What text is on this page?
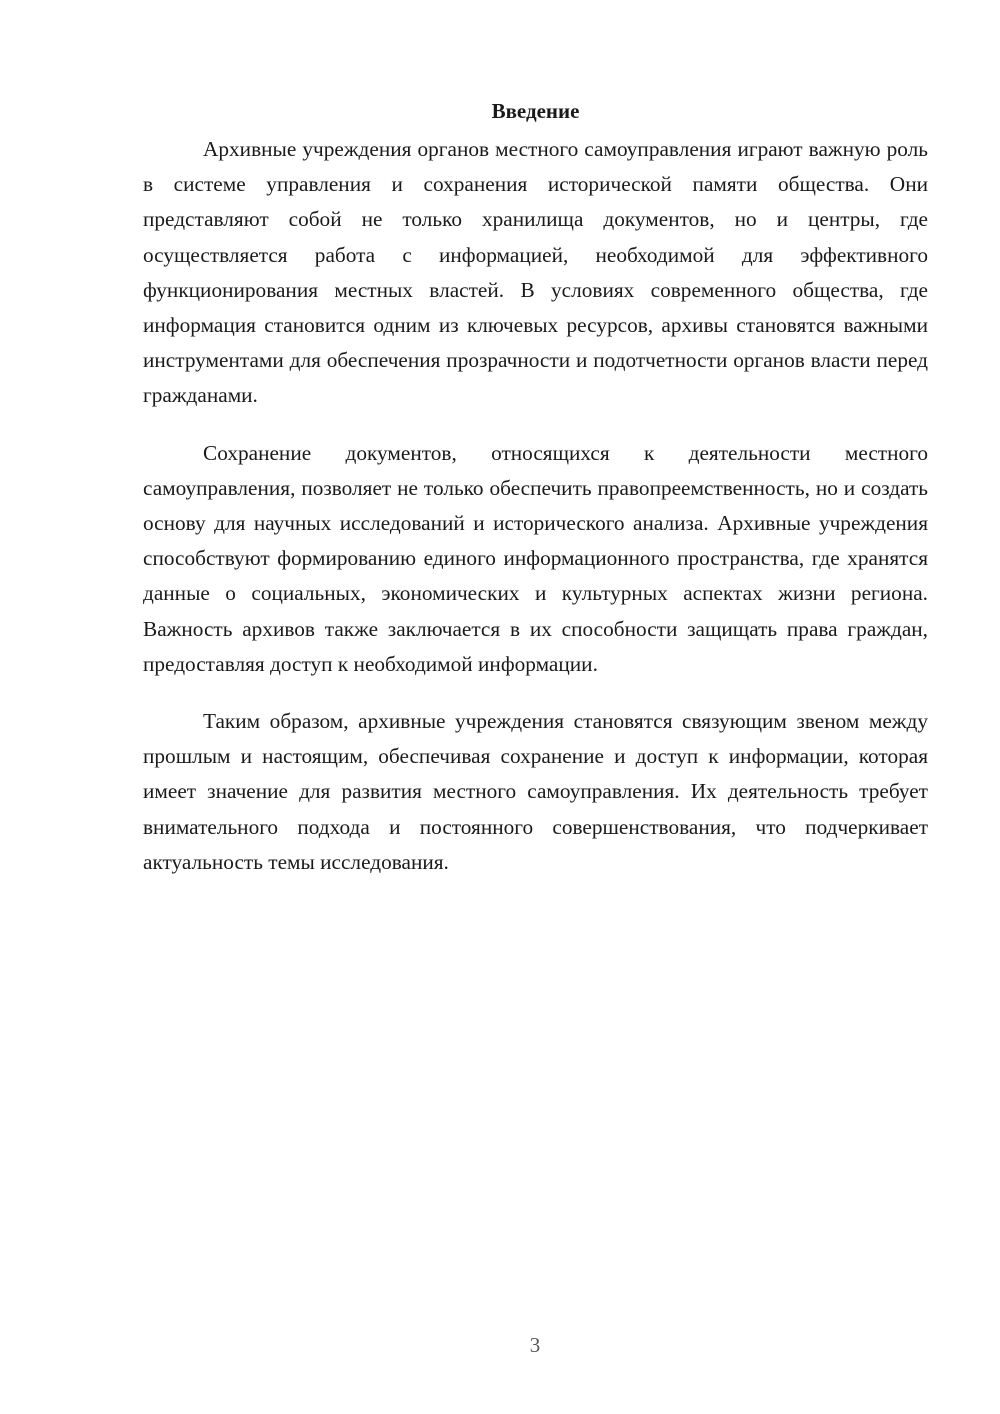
Введение

Архивные учреждения органов местного самоуправления играют важную роль в системе управления и сохранения исторической памяти общества. Они представляют собой не только хранилища документов, но и центры, где осуществляется работа с информацией, необходимой для эффективного функционирования местных властей. В условиях современного общества, где информация становится одним из ключевых ресурсов, архивы становятся важными инструментами для обеспечения прозрачности и подотчетности органов власти перед гражданами.

Сохранение документов, относящихся к деятельности местного самоуправления, позволяет не только обеспечить правопреемственность, но и создать основу для научных исследований и исторического анализа. Архивные учреждения способствуют формированию единого информационного пространства, где хранятся данные о социальных, экономических и культурных аспектах жизни региона. Важность архивов также заключается в их способности защищать права граждан, предоставляя доступ к необходимой информации.

Таким образом, архивные учреждения становятся связующим звеном между прошлым и настоящим, обеспечивая сохранение и доступ к информации, которая имеет значение для развития местного самоуправления. Их деятельность требует внимательного подхода и постоянного совершенствования, что подчеркивает актуальность темы исследования.

3
